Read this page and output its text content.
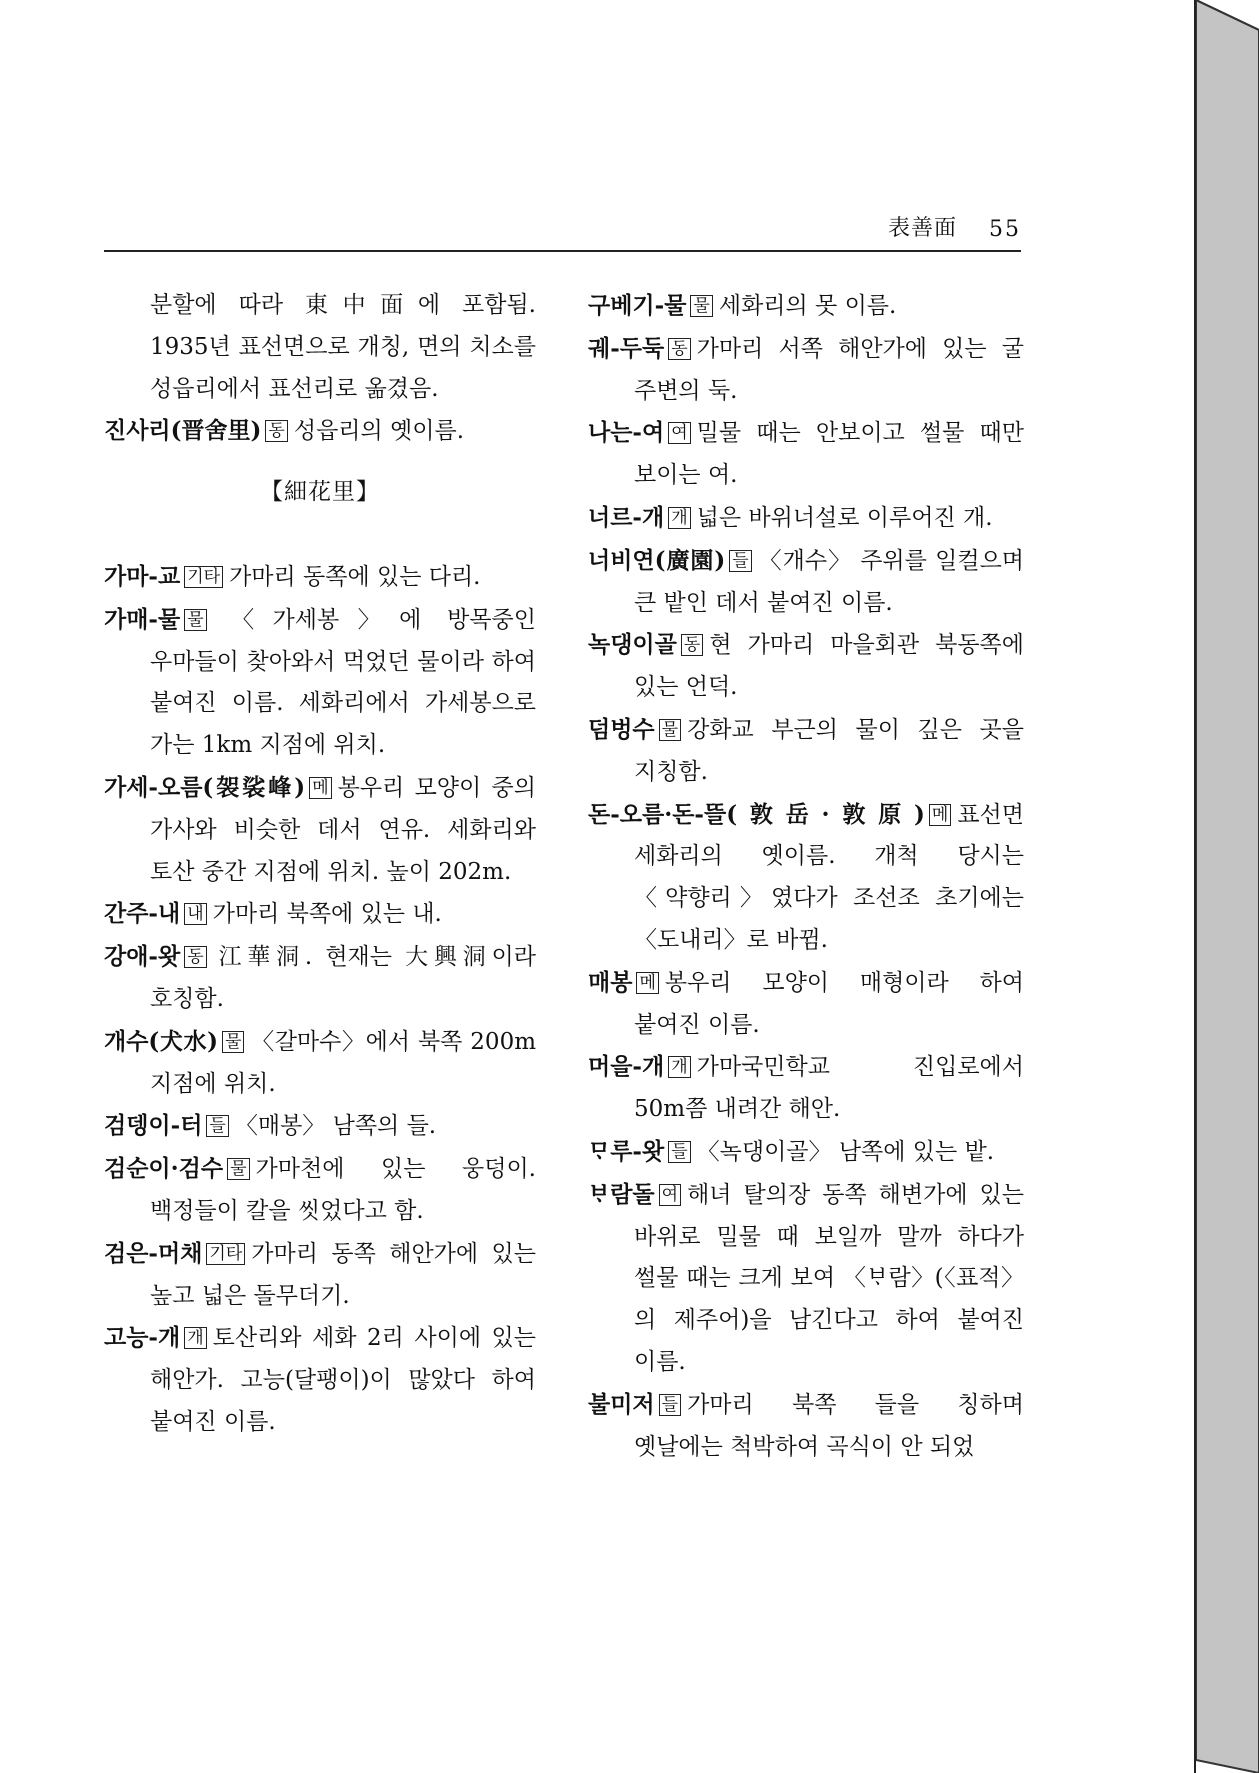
表善面 55
분할에 따라 東中面에 포함됨. 1935년 표선면으로 개칭, 면의 치소를 성읍리에서 표선리로 옮겼음.
진사리(晋舍里) 동 성읍리의 옛이름.
【細花里】
가마-교 기타 가마리 동쪽에 있는 다리.
가매-물 물 〈가세봉〉에 방목중인 우마들이 찾아와서 먹었던 물이라 하여 붙여진 이름. 세화리에서 가세봉으로 가는 1km 지점에 위치.
가세-오름(袈裟峰) 메 봉우리 모양이 중의 가사와 비슷한 데서 연유. 세화리와 토산 중간 지점에 위치. 높이 202m.
간주-내 내 가마리 북쪽에 있는 내.
강애-왓 동 江華洞. 현재는 大興洞이라 호칭함.
개수(犬水) 물 〈갈마수〉에서 북쪽 200m 지점에 위치.
검뎅이-터 들 〈매봉〉 남쪽의 들.
검순이·검수 물 가마천에 있는 웅덩이. 백정들이 칼을 씻었다고 함.
검은-머채 기타 가마리 동쪽 해안가에 있는 높고 넓은 돌무더기.
고능-개 개 토산리와 세화 2리 사이에 있는 해안가. 고능(달팽이)이 많았다 하여 붙여진 이름.
구베기-물 물 세화리의 못 이름.
궤-두둑 동 가마리 서쪽 해안가에 있는 굴 주변의 둑.
나는-여 여 밀물 때는 안보이고 썰물 때만 보이는 여.
너르-개 개 넓은 바위너설로 이루어진 개.
너비연(廣園) 들 〈개수〉 주위를 일컬으며 큰 밭인 데서 붙여진 이름.
녹댕이골 동 현 가마리 마을회관 북동쪽에 있는 언덕.
덤벙수 물 강화교 부근의 물이 깊은 곳을 지칭함.
돈-오름·돈-뜰(敦岳·敦原) 메 표선면 세화리의 옛이름. 개척 당시는 〈약향리〉였다가 조선조 초기에는 〈도내리〉로 바뀜.
매봉 메 봉우리 모양이 매형이라 하여 붙여진 이름.
머을-개 개 가마국민학교 진입로에서 50m쯤 내려간 해안.
ᄆᆞ루-왓 들 〈녹댕이골〉 남쪽에 있는 밭.
ᄇᆞ람돌 여 해녀 탈의장 동쪽 해변가에 있는 바위로 밀물 때 보일까 말까 하다가 썰물 때는 크게 보여 〈ᄇᆞ람〉(〈표적〉의 제주어)을 남긴다고 하여 붙여진 이름.
불미저 들 가마리 북쪽 들을 칭하며 옛날에는 척박하여 곡식이 안 되었
